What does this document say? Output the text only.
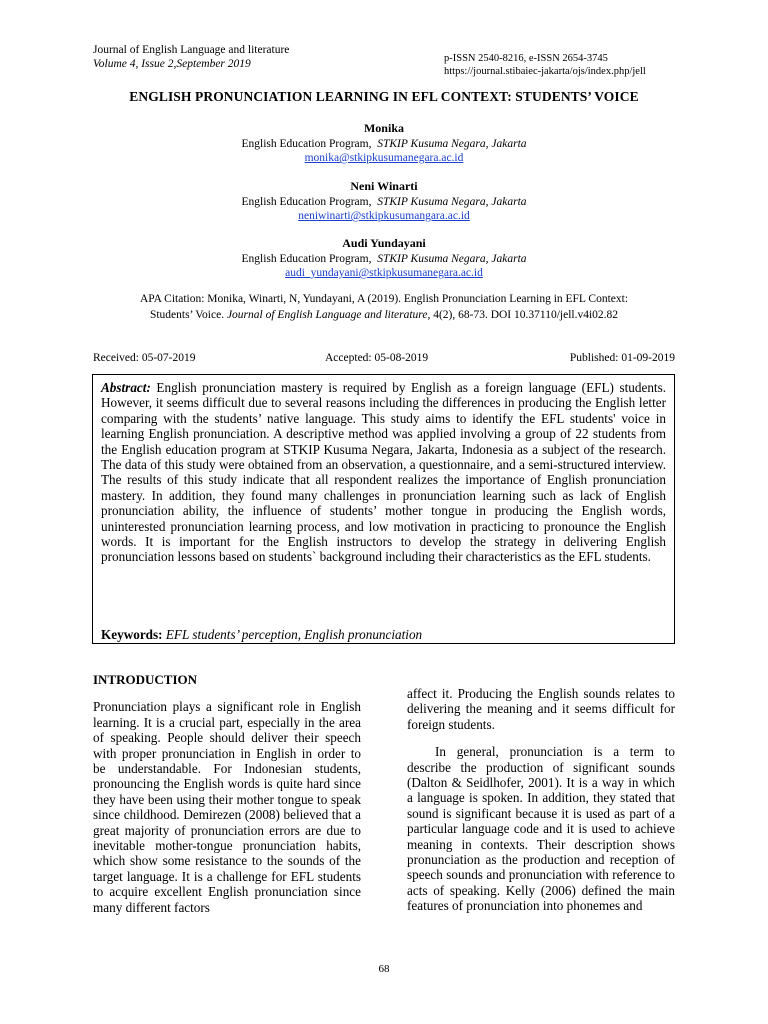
Journal of English Language and literature
Volume 4, Issue 2,September 2019	p-ISSN 2540-8216, e-ISSN 2654-3745
https://journal.stibaiec-jakarta/ojs/index.php/jell
ENGLISH PRONUNCIATION LEARNING IN EFL CONTEXT: STUDENTS’ VOICE
Monika
English Education Program, STKIP Kusuma Negara, Jakarta
monika@stkipkusumanegara.ac.id
Neni Winarti
English Education Program, STKIP Kusuma Negara, Jakarta
neniwinarti@stkipkusumangara.ac.id
Audi Yundayani
English Education Program, STKIP Kusuma Negara, Jakarta
audi_yundayani@stkipkusumanegara.ac.id
APA Citation: Monika, Winarti, N, Yundayani, A (2019). English Pronunciation Learning in EFL Context: Students’ Voice. Journal of English Language and literature, 4(2), 68-73. DOI 10.37110/jell.v4i02.82
Received: 05-07-2019	Accepted: 05-08-2019	Published: 01-09-2019
Abstract: English pronunciation mastery is required by English as a foreign language (EFL) students. However, it seems difficult due to several reasons including the differences in producing the English letter comparing with the students’ native language. This study aims to identify the EFL students' voice in learning English pronunciation. A descriptive method was applied involving a group of 22 students from the English education program at STKIP Kusuma Negara, Jakarta, Indonesia as a subject of the research. The data of this study were obtained from an observation, a questionnaire, and a semi-structured interview. The results of this study indicate that all respondent realizes the importance of English pronunciation mastery. In addition, they found many challenges in pronunciation learning such as lack of English pronunciation ability, the influence of students’ mother tongue in producing the English words, uninterested pronunciation learning process, and low motivation in practicing to pronounce the English words. It is important for the English instructors to develop the strategy in delivering English pronunciation lessons based on students` background including their characteristics as the EFL students.
Keywords: EFL students’ perception, English pronunciation
INTRODUCTION

Pronunciation plays a significant role in English learning. It is a crucial part, especially in the area of speaking. People should deliver their speech with proper pronunciation in English in order to be understandable. For Indonesian students, pronouncing the English words is quite hard since they have been using their mother tongue to speak since childhood. Demirezen (2008) believed that a great majority of pronunciation errors are due to inevitable mother-tongue pronunciation habits, which show some resistance to the sounds of the target language. It is a challenge for EFL students to acquire excellent English pronunciation since many different factors

affect it. Producing the English sounds relates to delivering the meaning and it seems difficult for foreign students.

In general, pronunciation is a term to describe the production of significant sounds (Dalton & Seidlhofer, 2001). It is a way in which a language is spoken. In addition, they stated that sound is significant because it is used as part of a particular language code and it is used to achieve meaning in contexts. Their description shows pronunciation as the production and reception of speech sounds and pronunciation with reference to acts of speaking. Kelly (2006) defined the main features of pronunciation into phonemes and

68
